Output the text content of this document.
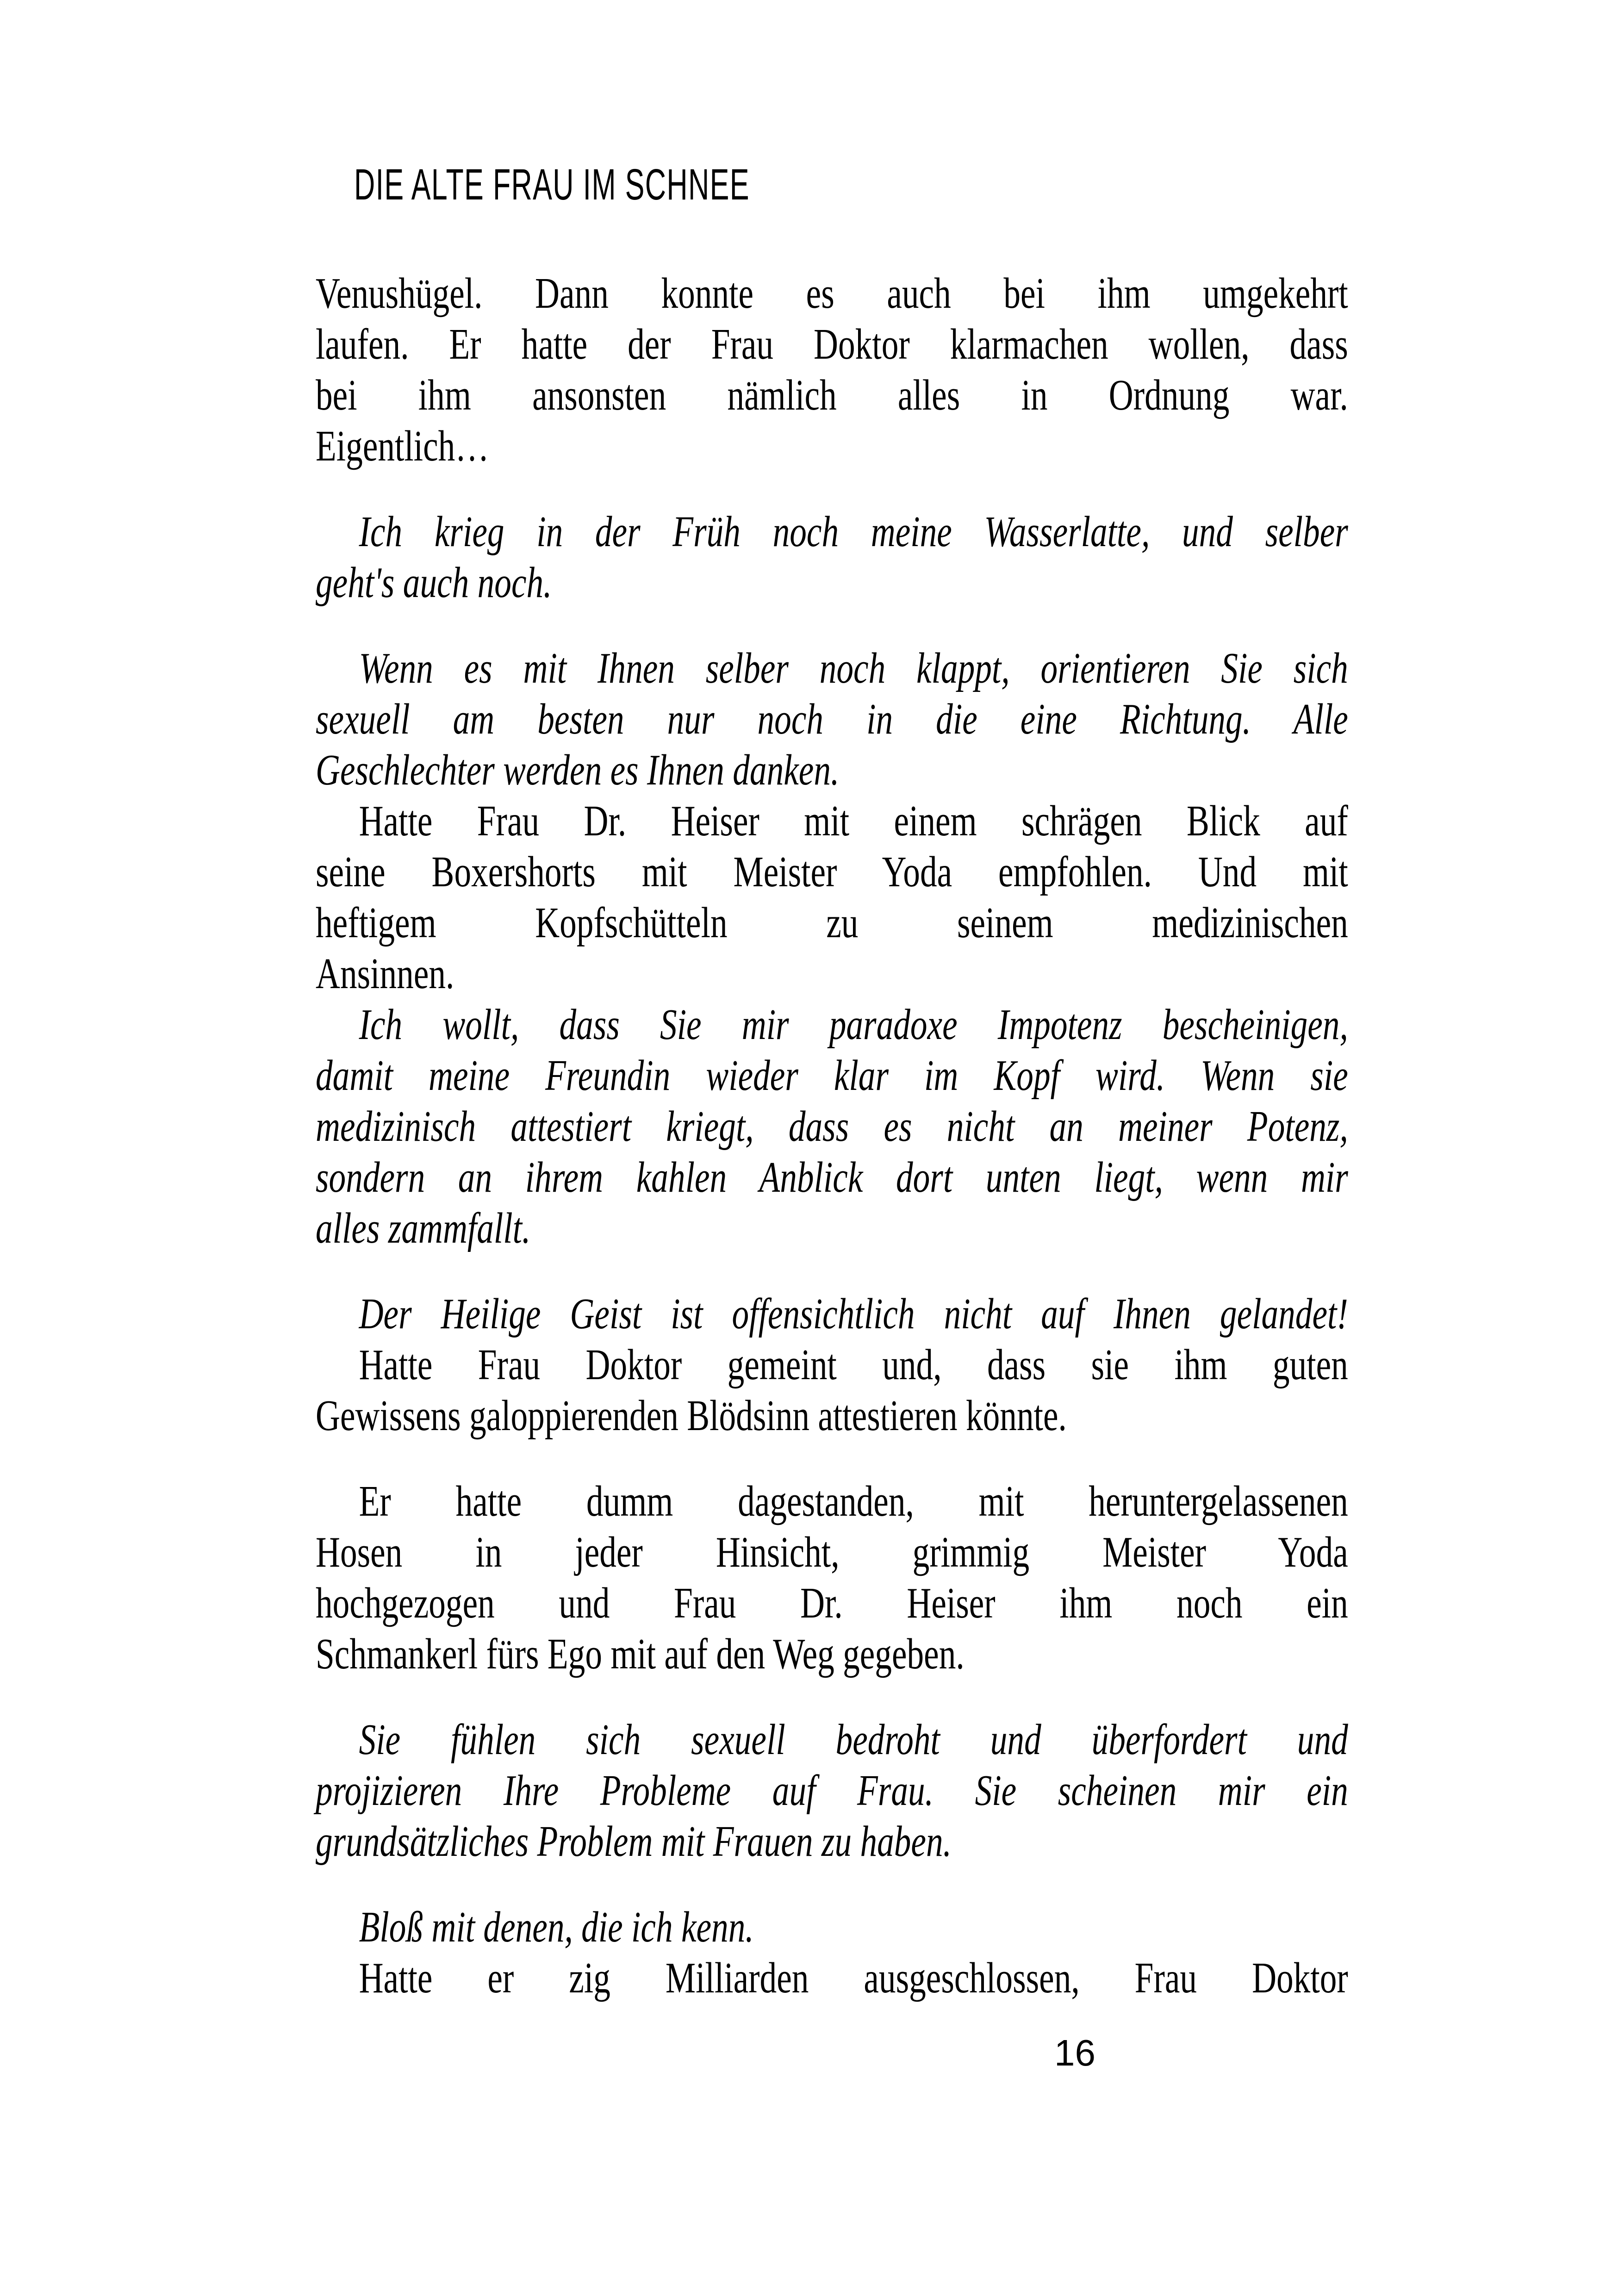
DIE ALTE FRAU IM SCHNEE

Venushügel. Dann konnte es auch bei ihm umgekehrt
laufen. Er hatte der Frau Doktor klarmachen wollen, dass
bei ihm ansonsten nämlich alles in Ordnung war.
Eigentlich…

Ich krieg in der Früh noch meine Wasserlatte, und selber
geht's auch noch.

Wenn es mit Ihnen selber noch klappt, orientieren Sie sich
sexuell am besten nur noch in die eine Richtung. Alle
Geschlechter werden es Ihnen danken.

Hatte Frau Dr. Heiser mit einem schrägen Blick auf
seine Boxershorts mit Meister Yoda empfohlen. Und mit
heftigem Kopfschütteln zu seinem medizinischen
Ansinnen.

Ich wollt, dass Sie mir paradoxe Impotenz bescheinigen,
damit meine Freundin wieder klar im Kopf wird. Wenn sie
medizinisch attestiert kriegt, dass es nicht an meiner Potenz,
sondern an ihrem kahlen Anblick dort unten liegt, wenn mir
alles zammfallt.

Der Heilige Geist ist offensichtlich nicht auf Ihnen gelandet!

Hatte Frau Doktor gemeint und, dass sie ihm guten
Gewissens galoppierenden Blödsinn attestieren könnte.

Er hatte dumm dagestanden, mit heruntergelassenen
Hosen in jeder Hinsicht, grimmig Meister Yoda
hochgezogen und Frau Dr. Heiser ihm noch ein
Schmankerl fürs Ego mit auf den Weg gegeben.

Sie fühlen sich sexuell bedroht und überfordert und
projizieren Ihre Probleme auf Frau. Sie scheinen mir ein
grundsätzliches Problem mit Frauen zu haben.

Bloß mit denen, die ich kenn.

Hatte er zig Milliarden ausgeschlossen, Frau Doktor

16
